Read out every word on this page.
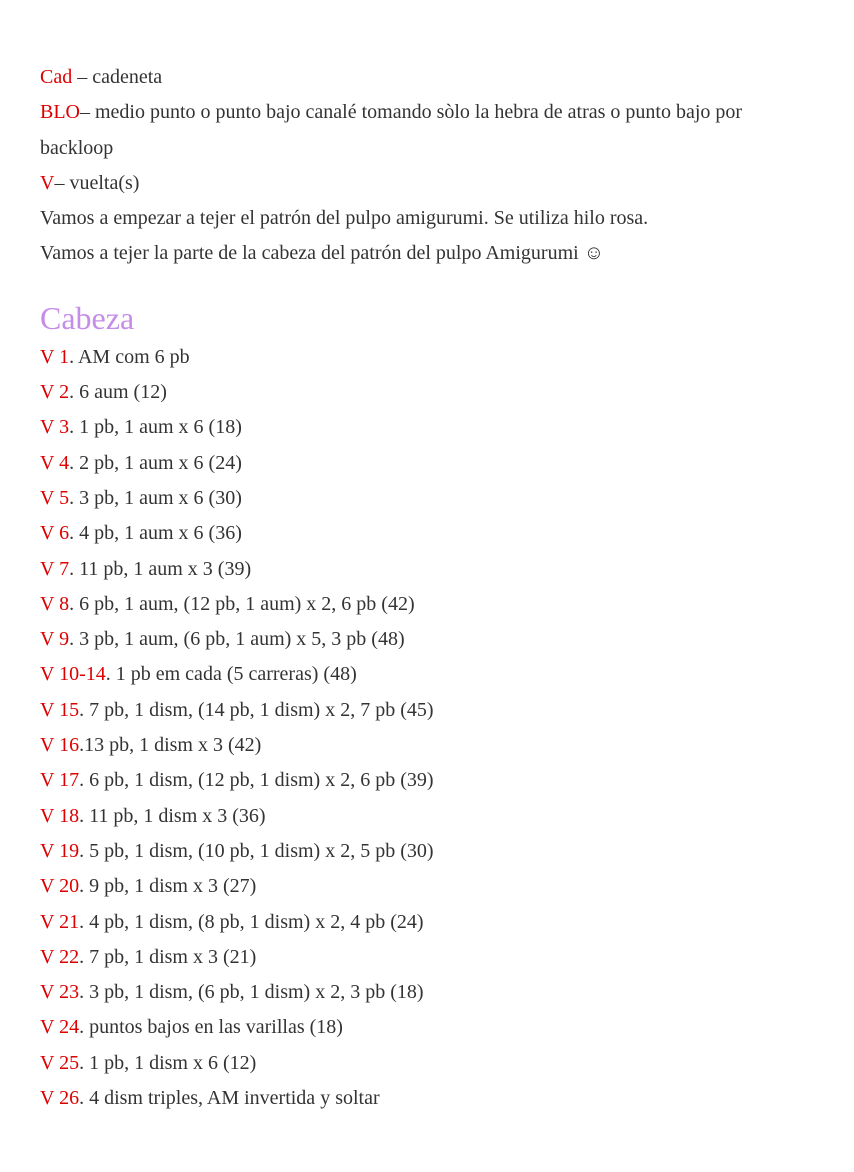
Cad – cadeneta
BLO– medio punto o punto bajo canalé tomando sòlo la hebra de atras o punto bajo por backloop
V– vuelta(s)
Vamos a empezar a tejer el patrón del pulpo amigurumi. Se utiliza hilo rosa.
Vamos a tejer la parte de la cabeza del patrón del pulpo Amigurumi ☺
Cabeza
V 1. AM com 6 pb
V 2. 6 aum (12)
V 3. 1 pb, 1 aum x 6 (18)
V 4. 2 pb, 1 aum x 6 (24)
V 5. 3 pb, 1 aum x 6 (30)
V 6. 4 pb, 1 aum x 6 (36)
V 7. 11 pb, 1 aum x 3 (39)
V 8. 6 pb, 1 aum, (12 pb, 1 aum) x 2, 6 pb (42)
V 9. 3 pb, 1 aum, (6 pb, 1 aum) x 5, 3 pb (48)
V 10-14. 1 pb em cada (5 carreras) (48)
V 15. 7 pb, 1 dism, (14 pb, 1 dism) x 2, 7 pb (45)
V 16.13 pb, 1 dism x 3 (42)
V 17. 6 pb, 1 dism, (12 pb, 1 dism) x 2, 6 pb (39)
V 18. 11 pb, 1 dism x 3 (36)
V 19. 5 pb, 1 dism, (10 pb, 1 dism) x 2, 5 pb (30)
V 20. 9 pb, 1 dism x 3 (27)
V 21. 4 pb, 1 dism, (8 pb, 1 dism) x 2, 4 pb (24)
V 22. 7 pb, 1 dism x 3 (21)
V 23. 3 pb, 1 dism, (6 pb, 1 dism) x 2, 3 pb (18)
V 24. puntos bajos en las varillas (18)
V 25. 1 pb, 1 dism x 6 (12)
V 26. 4 dism triples, AM invertida y soltar
